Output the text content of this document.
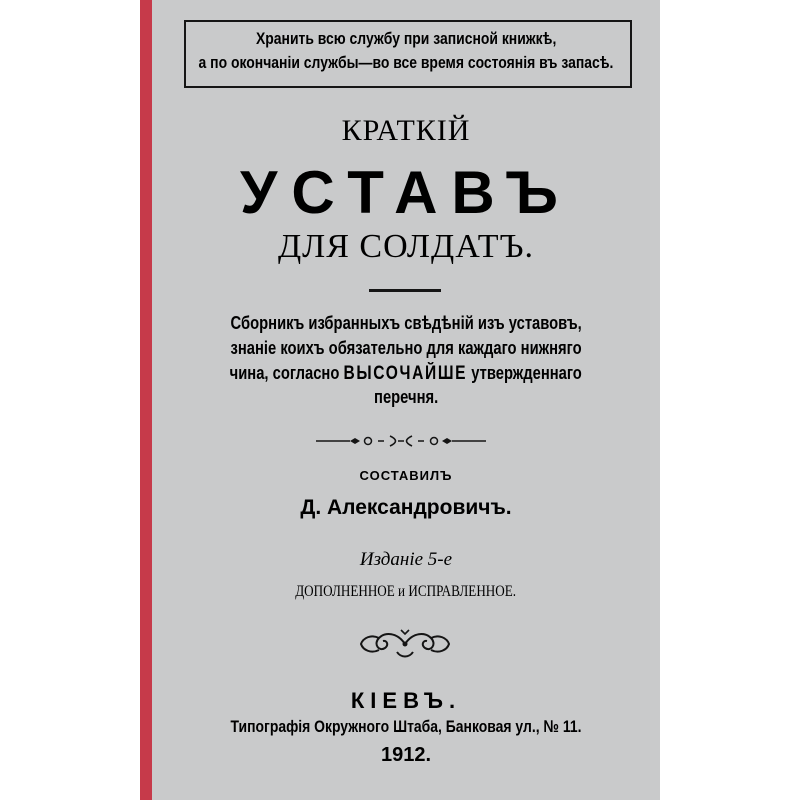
Хранить всю службу при записной книжкѣ,
а по окончаніи службы—во все время состоянія въ запасѣ.
КРАТКІЙ
УСТАВЪ
ДЛЯ СОЛДАТЪ.
Сборникъ избранныхъ свѣдѣній изъ уставовъ,
знаніе коихъ обязательно для каждаго нижняго
чина, согласно ВЫСОЧАЙШЕ утвержденнаго
перечня.
СОСТАВИЛЪ
Д. Александровичъ.
Изданіе 5-е
ДОПОЛНЕННОЕ и ИСПРАВЛЕННОЕ.
КІЕВЪ.
Типографія Окружного Штаба, Банковая ул., № 11.
1912.
